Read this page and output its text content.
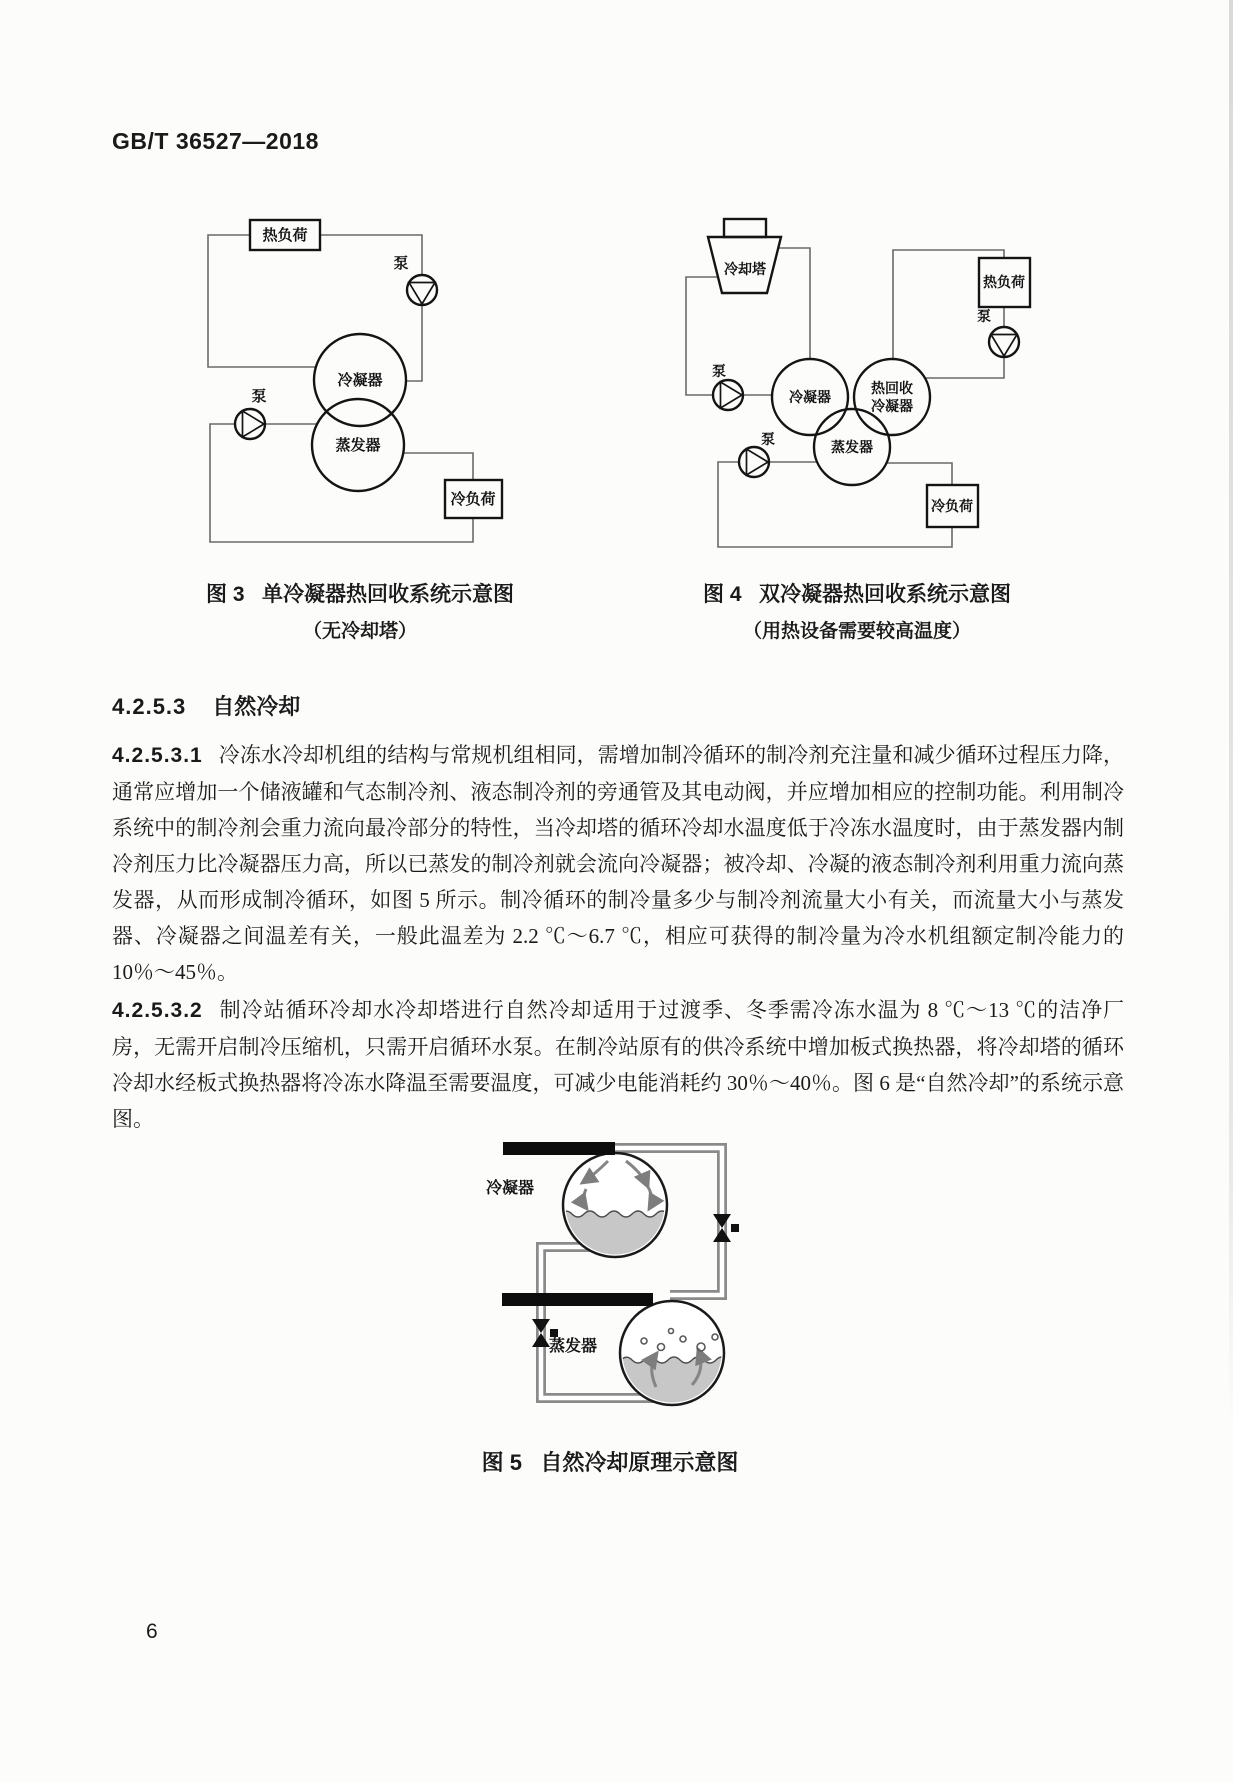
GB/T 36527—2018
热负荷
泵
冷凝器
蒸发器
冷负荷
泵
冷却塔
泵
泵
泵
冷凝器
热回收
冷凝器
蒸发器
热负荷
冷负荷
图 3   单冷凝器热回收系统示意图
（无冷却塔）
图 4   双冷凝器热回收系统示意图
（用热设备需要较高温度）
4.2.5.3 自然冷却
4.2.5.3.1 冷冻水冷却机组的结构与常规机组相同，需增加制冷循环的制冷剂充注量和减少循环过程压力降，通常应增加一个储液罐和气态制冷剂、液态制冷剂的旁通管及其电动阀，并应增加相应的控制功能。利用制冷系统中的制冷剂会重力流向最冷部分的特性，当冷却塔的循环冷却水温度低于冷冻水温度时，由于蒸发器内制冷剂压力比冷凝器压力高，所以已蒸发的制冷剂就会流向冷凝器；被冷却、冷凝的液态制冷剂利用重力流向蒸发器，从而形成制冷循环，如图 5 所示。制冷循环的制冷量多少与制冷剂流量大小有关，而流量大小与蒸发器、冷凝器之间温差有关，一般此温差为 2.2 ℃～6.7 ℃，相应可获得的制冷量为冷水机组额定制冷能力的 10％～45％。
4.2.5.3.2 制冷站循环冷却水冷却塔进行自然冷却适用于过渡季、冬季需冷冻水温为 8 ℃～13 ℃的洁净厂房，无需开启制冷压缩机，只需开启循环水泵。在制冷站原有的供冷系统中增加板式换热器，将冷却塔的循环冷却水经板式换热器将冷冻水降温至需要温度，可减少电能消耗约 30％～40％。图 6 是“自然冷却”的系统示意图。
冷凝器
蒸发器
图 5   自然冷却原理示意图
6
